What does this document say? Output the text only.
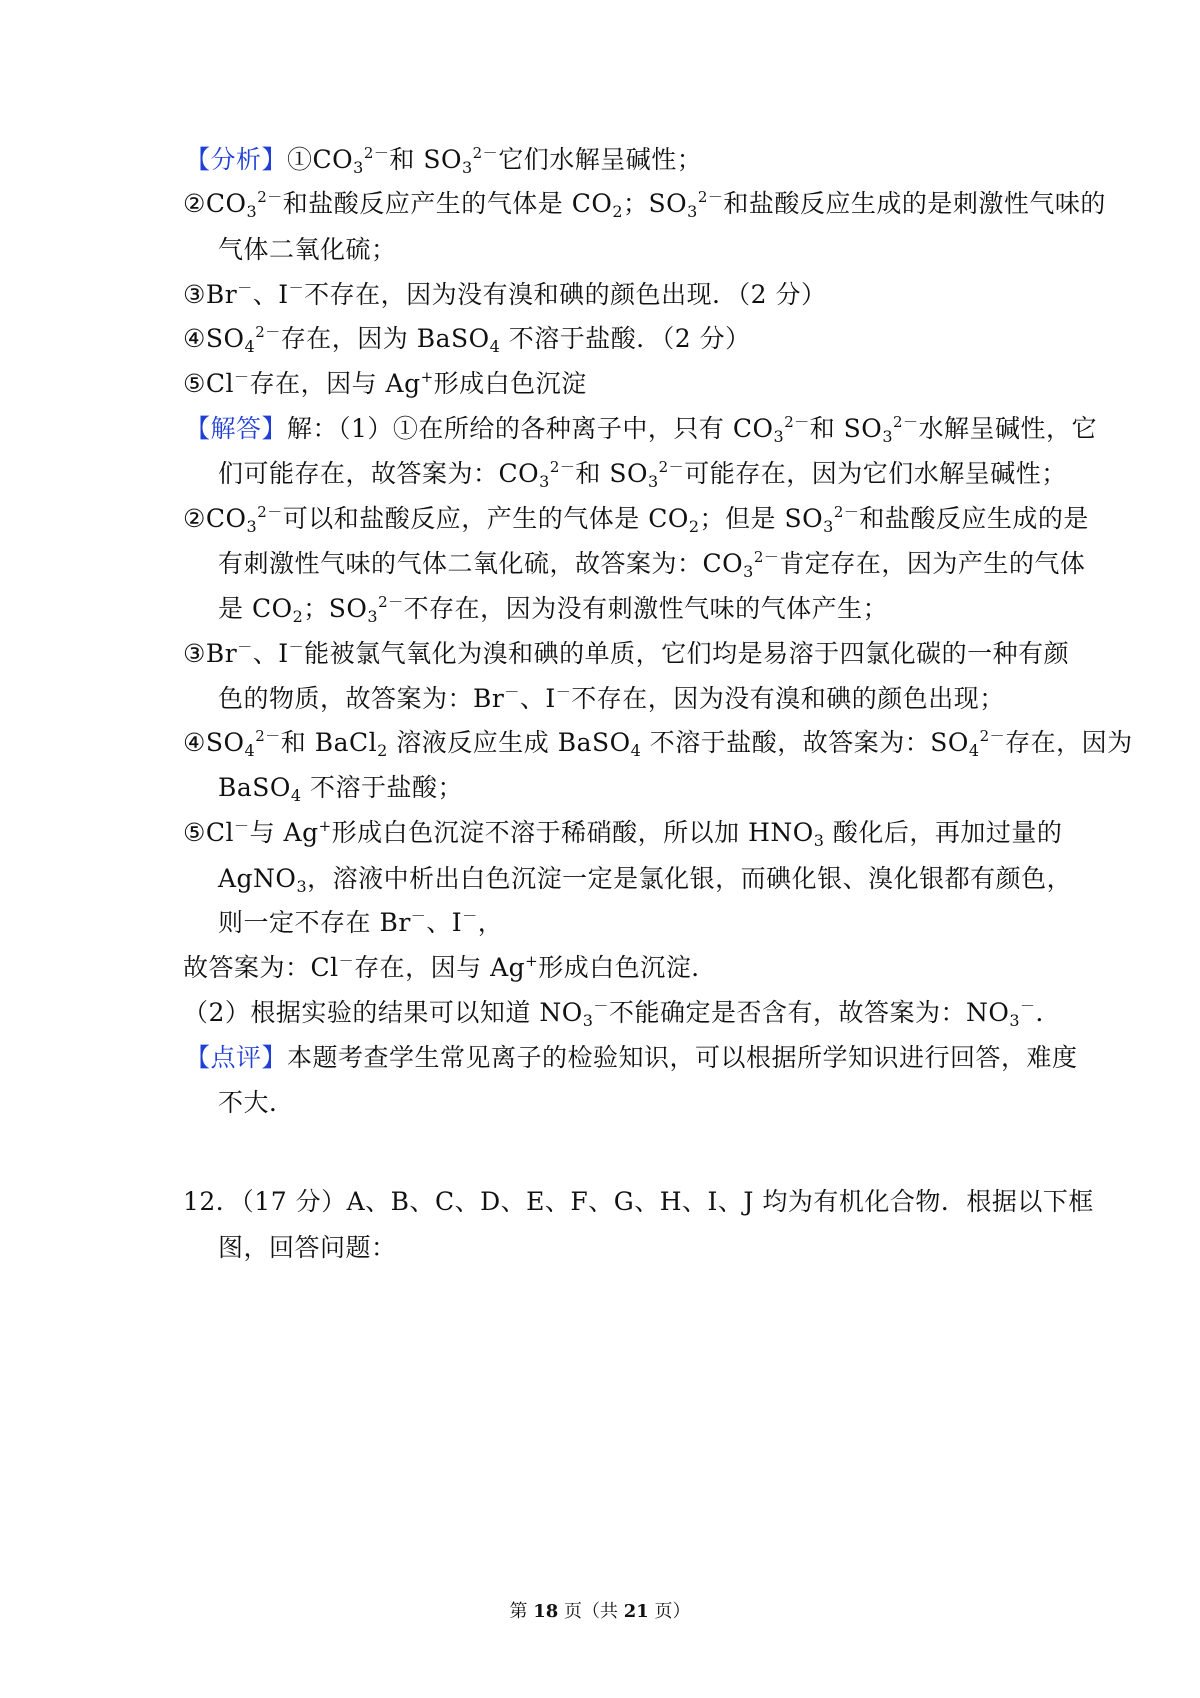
【分析】$①CO_3^{2-}$和 $SO_3^{2-}$它们水解呈碱性；
$②CO_3^{2-}$和盐酸反应产生的气体是 $CO_2$；$SO_3^{2-}$和盐酸反应生成的是刺激性气味的
气体二氧化硫；
③Br－、I－不存在，因为没有溴和碘的颜色出现．（2 分）
$④SO_4^{2-}$存在，因为 BaSO$_4$ 不溶于盐酸．（2 分）
⑤Cl－存在，因与 Ag+形成白色沉淀
【解答】解：（1）①在所给的各种离子中，只有 $CO_3^{2-}$和 $SO_3^{2-}$水解呈碱性，它
们可能存在，故答案为：$CO_3^{2-}$和 $SO_3^{2-}$可能存在，因为它们水解呈碱性；
$②CO_3^{2-}$可以和盐酸反应，产生的气体是 $CO_2$；但是 $SO_3^{2-}$和盐酸反应生成的是
有刺激性气味的气体二氧化硫，故答案为：$CO_3^{2-}$肯定存在，因为产生的气体
是 $CO_2$；$SO_3^{2-}$不存在，因为没有刺激性气味的气体产生；
③Br－、I－能被氯气氧化为溴和碘的单质，它们均是易溶于四氯化碳的一种有颜
色的物质，故答案为：Br－、I－不存在，因为没有溴和碘的颜色出现；
$④SO_4^{2-}$和 BaCl$_2$ 溶液反应生成 BaSO$_4$ 不溶于盐酸，故答案为：$SO_4^{2-}$存在，因为
BaSO$_4$ 不溶于盐酸；
⑤Cl－与 Ag+形成白色沉淀不溶于稀硝酸，所以加 $HNO_3$ 酸化后，再加过量的
AgNO$_3$，溶液中析出白色沉淀一定是氯化银，而碘化银、溴化银都有颜色，
则一定不存在 Br－、I－，
故答案为：Cl－存在，因与 Ag+形成白色沉淀．
（2）根据实验的结果可以知道 $NO_3^-$不能确定是否含有，故答案为：$NO_3^-$．
【点评】本题考查学生常见离子的检验知识，可以根据所学知识进行回答，难度
不大．
12．（17 分）A、B、C、D、E、F、G、H、I、J 均为有机化合物．根据以下框
图，回答问题：
第 18 页（共 21 页）
